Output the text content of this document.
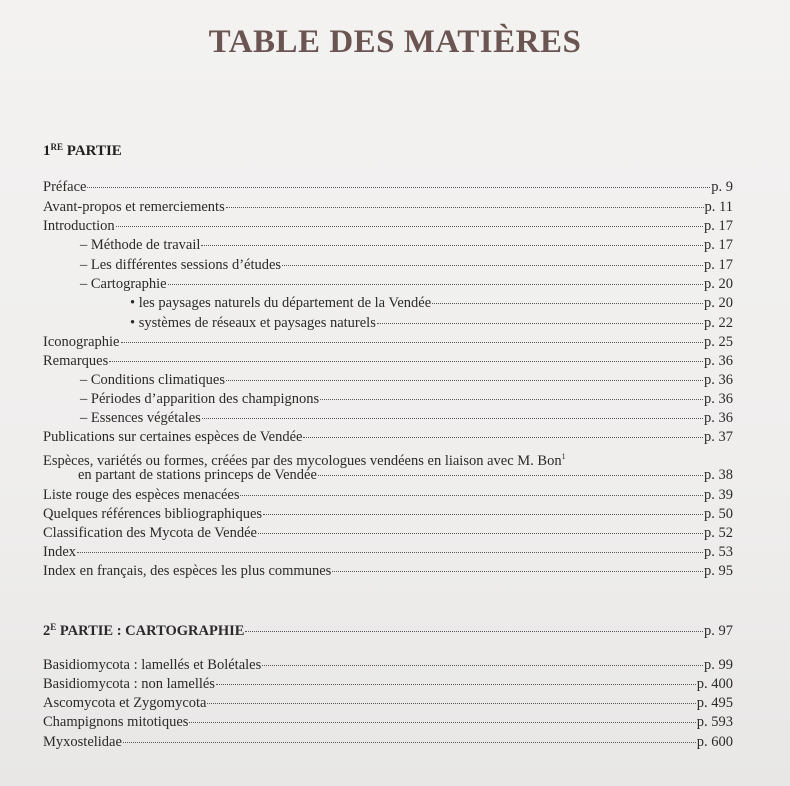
TABLE DES MATIÈRES
1RE PARTIE
Préface	p. 9
Avant-propos et remerciements	p. 11
Introduction	p. 17
– Méthode de travail	p. 17
– Les différentes sessions d’études	p. 17
– Cartographie	p. 20
• les paysages naturels du département de la Vendée	p. 20
• systèmes de réseaux et paysages naturels	p. 22
Iconographie	p. 25
Remarques	p. 36
– Conditions climatiques	p. 36
– Périodes d’apparition des champignons	p. 36
– Essences végétales	p. 36
Publications sur certaines espèces de Vendée	p. 37
Espèces, variétés ou formes, créées par des mycologues vendéens en liaison avec M. Bon$^1$
en partant de stations princeps de Vendée	p. 38
Liste rouge des espèces menacées	p. 39
Quelques références bibliographiques	p. 50
Classification des Mycota de Vendée	p. 52
Index	p. 53
Index en français, des espèces les plus communes	p. 95
$2^E$ PARTIE : CARTOGRAPHIE	p. 97
Basidiomycota : lamellés et Bolétales	p. 99
Basidiomycota : non lamellés	p. 400
Ascomycota et Zygomycota	p. 495
Champignons mitotiques	p. 593
Myxostelidae	p. 600
